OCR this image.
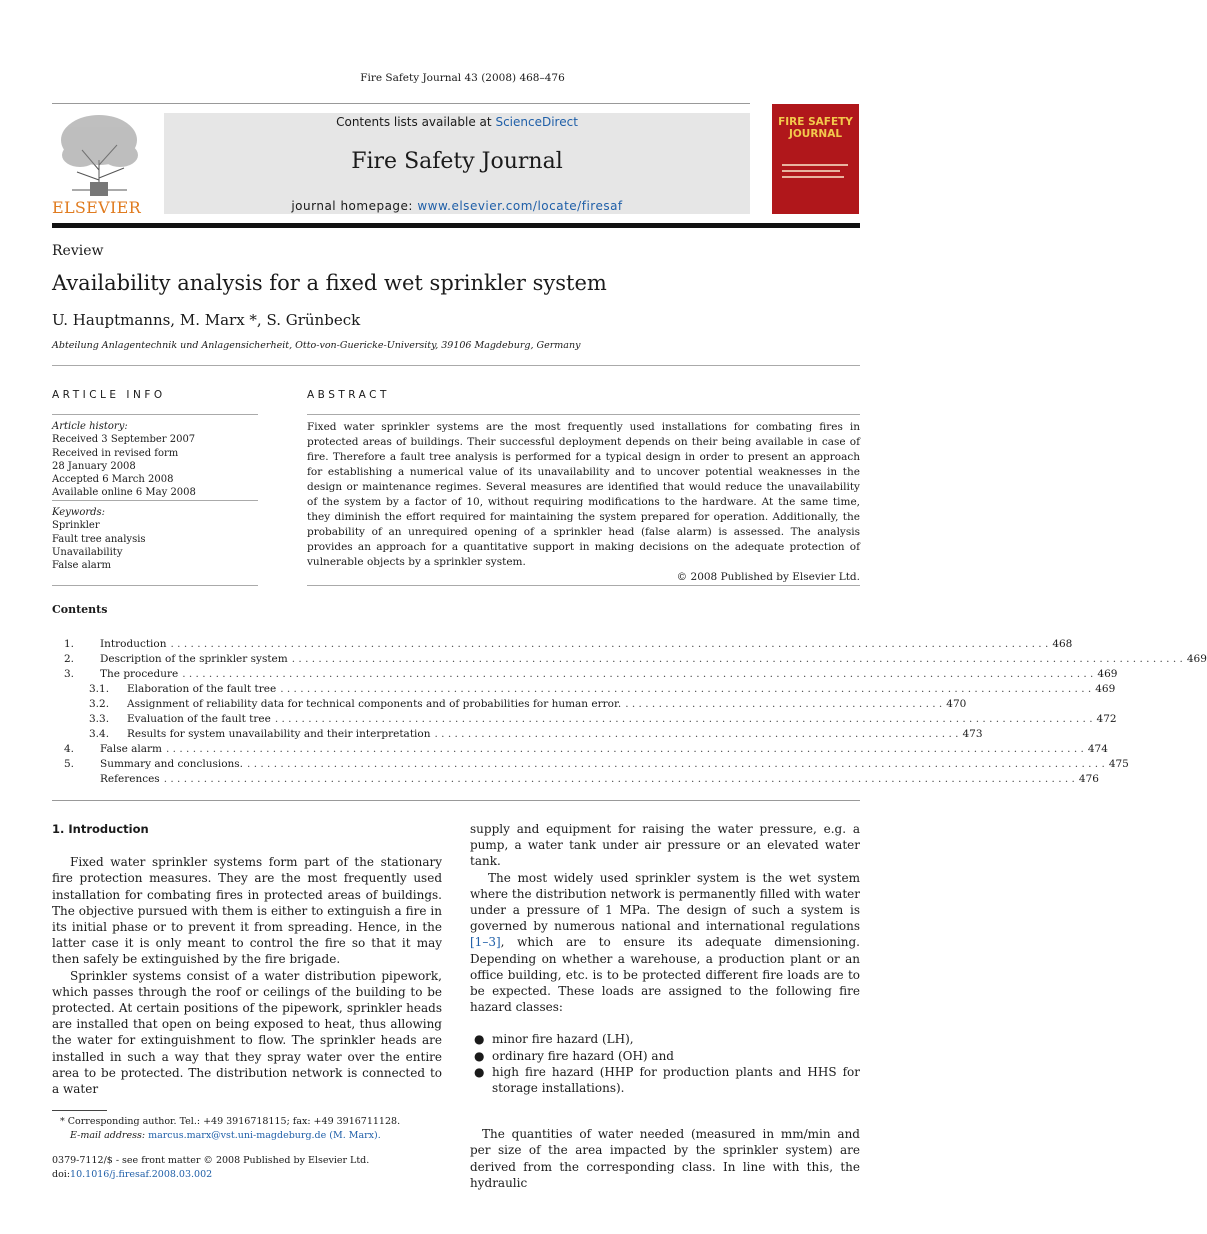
Fire Safety Journal 43 (2008) 468–476
ELSEVIER
Contents lists available at ScienceDirect
Fire Safety Journal
journal homepage: www.elsevier.com/locate/firesaf
FIRE SAFETY JOURNAL
Review
Availability analysis for a fixed wet sprinkler system
U. Hauptmanns, M. Marx *, S. Grünbeck
Abteilung Anlagentechnik und Anlagensicherheit, Otto-von-Guericke-University, 39106 Magdeburg, Germany
ARTICLE INFO
Article history:
Received 3 September 2007
Received in revised form
28 January 2008
Accepted 6 March 2008
Available online 6 May 2008
Keywords:
Sprinkler
Fault tree analysis
Unavailability
False alarm
ABSTRACT
Fixed water sprinkler systems are the most frequently used installations for combating fires in protected areas of buildings. Their successful deployment depends on their being available in case of fire. Therefore a fault tree analysis is performed for a typical design in order to present an approach for establishing a numerical value of its unavailability and to uncover potential weaknesses in the design or maintenance regimes. Several measures are identified that would reduce the unavailability of the system by a factor of 10, without requiring modifications to the hardware. At the same time, they diminish the effort required for maintaining the system prepared for operation. Additionally, the probability of an unrequired opening of a sprinkler head (false alarm) is assessed. The analysis provides an approach for a quantitative support in making decisions on the adequate protection of vulnerable objects by a sprinkler system.
© 2008 Published by Elsevier Ltd.
Contents
1.	Introduction . . . . . . . . . . . . . . . . . . . . . . . . . . . . . . . . . . . . . . . . . . . . . . . . . . . . . . . . . . . . . . . . . . . . . . . . . . . . . . . . . . . . . . . . . . . . . . . . . . . . . . . . . . . . . . . . . . . . . . . . . . . . . . . . . . . . 468
2.	Description of the sprinkler system . . . . . . . . . . . . . . . . . . . . . . . . . . . . . . . . . . . . . . . . . . . . . . . . . . . . . . . . . . . . . . . . . . . . . . . . . . . . . . . . . . . . . . . . . . . . . . . . . . . . . . . . . . . . . . . . . . . . . . . . . . . . . . . . . . . . . . 469
3.	The procedure . . . . . . . . . . . . . . . . . . . . . . . . . . . . . . . . . . . . . . . . . . . . . . . . . . . . . . . . . . . . . . . . . . . . . . . . . . . . . . . . . . . . . . . . . . . . . . . . . . . . . . . . . . . . . . . . . . . . . . . . . . . . . . . . . . . . . . . . . 469
3.1.	Elaboration of the fault tree . . . . . . . . . . . . . . . . . . . . . . . . . . . . . . . . . . . . . . . . . . . . . . . . . . . . . . . . . . . . . . . . . . . . . . . . . . . . . . . . . . . . . . . . . . . . . . . . . . . . . . . . . . . . . . . . . . . . . . . . . . 469
3.2.	Assignment of reliability data for technical components and of probabilities for human error. . . . . . . . . . . . . . . . . . . . . . . . . . . . . . . . . . . . . . . . . . . . . . . . . 470
3.3.	Evaluation of the fault tree . . . . . . . . . . . . . . . . . . . . . . . . . . . . . . . . . . . . . . . . . . . . . . . . . . . . . . . . . . . . . . . . . . . . . . . . . . . . . . . . . . . . . . . . . . . . . . . . . . . . . . . . . . . . . . . . . . . . . . . . . . . 472
3.4.	Results for system unavailability and their interpretation . . . . . . . . . . . . . . . . . . . . . . . . . . . . . . . . . . . . . . . . . . . . . . . . . . . . . . . . . . . . . . . . . . . . . . . . . . . . . . . 473
4.	False alarm . . . . . . . . . . . . . . . . . . . . . . . . . . . . . . . . . . . . . . . . . . . . . . . . . . . . . . . . . . . . . . . . . . . . . . . . . . . . . . . . . . . . . . . . . . . . . . . . . . . . . . . . . . . . . . . . . . . . . . . . . . . . . . . . . . . . . . . . . . 474
5.	Summary and conclusions. . . . . . . . . . . . . . . . . . . . . . . . . . . . . . . . . . . . . . . . . . . . . . . . . . . . . . . . . . . . . . . . . . . . . . . . . . . . . . . . . . . . . . . . . . . . . . . . . . . . . . . . . . . . . . . . . . . . . . . . . . . . . . . . . . 475
References . . . . . . . . . . . . . . . . . . . . . . . . . . . . . . . . . . . . . . . . . . . . . . . . . . . . . . . . . . . . . . . . . . . . . . . . . . . . . . . . . . . . . . . . . . . . . . . . . . . . . . . . . . . . . . . . . . . . . . . . . . . . . . . . . . . . . . . . . 476
1. Introduction

Fixed water sprinkler systems form part of the stationary fire protection measures. They are the most frequently used installation for combating fires in protected areas of buildings. The objective pursued with them is either to extinguish a fire in its initial phase or to prevent it from spreading. Hence, in the latter case it is only meant to control the fire so that it may then safely be extinguished by the fire brigade.

Sprinkler systems consist of a water distribution pipework, which passes through the roof or ceilings of the building to be protected. At certain positions of the pipework, sprinkler heads are installed that open on being exposed to heat, thus allowing the water for extinguishment to flow. The sprinkler heads are installed in such a way that they spray water over the entire area to be protected. The distribution network is connected to a water

supply and equipment for raising the water pressure, e.g. a pump, a water tank under air pressure or an elevated water tank.

The most widely used sprinkler system is the wet system where the distribution network is permanently filled with water under a pressure of 1 MPa. The design of such a system is governed by numerous national and international regulations [1–3], which are to ensure its adequate dimensioning. Depending on whether a warehouse, a production plant or an office building, etc. is to be protected different fire loads are to be expected. These loads are assigned to the following fire hazard classes:

● minor fire hazard (LH),
● ordinary fire hazard (OH) and
● high fire hazard (HHP for production plants and HHS for storage installations).

The quantities of water needed (measured in mm/min and per size of the area impacted by the sprinkler system) are derived from the corresponding class. In line with this, the hydraulic

* Corresponding author. Tel.: +49 3916718115; fax: +49 3916711128.
E-mail address: marcus.marx@vst.uni-magdeburg.de (M. Marx).
0379-7112/$ - see front matter © 2008 Published by Elsevier Ltd.
doi:10.1016/j.firesaf.2008.03.002
